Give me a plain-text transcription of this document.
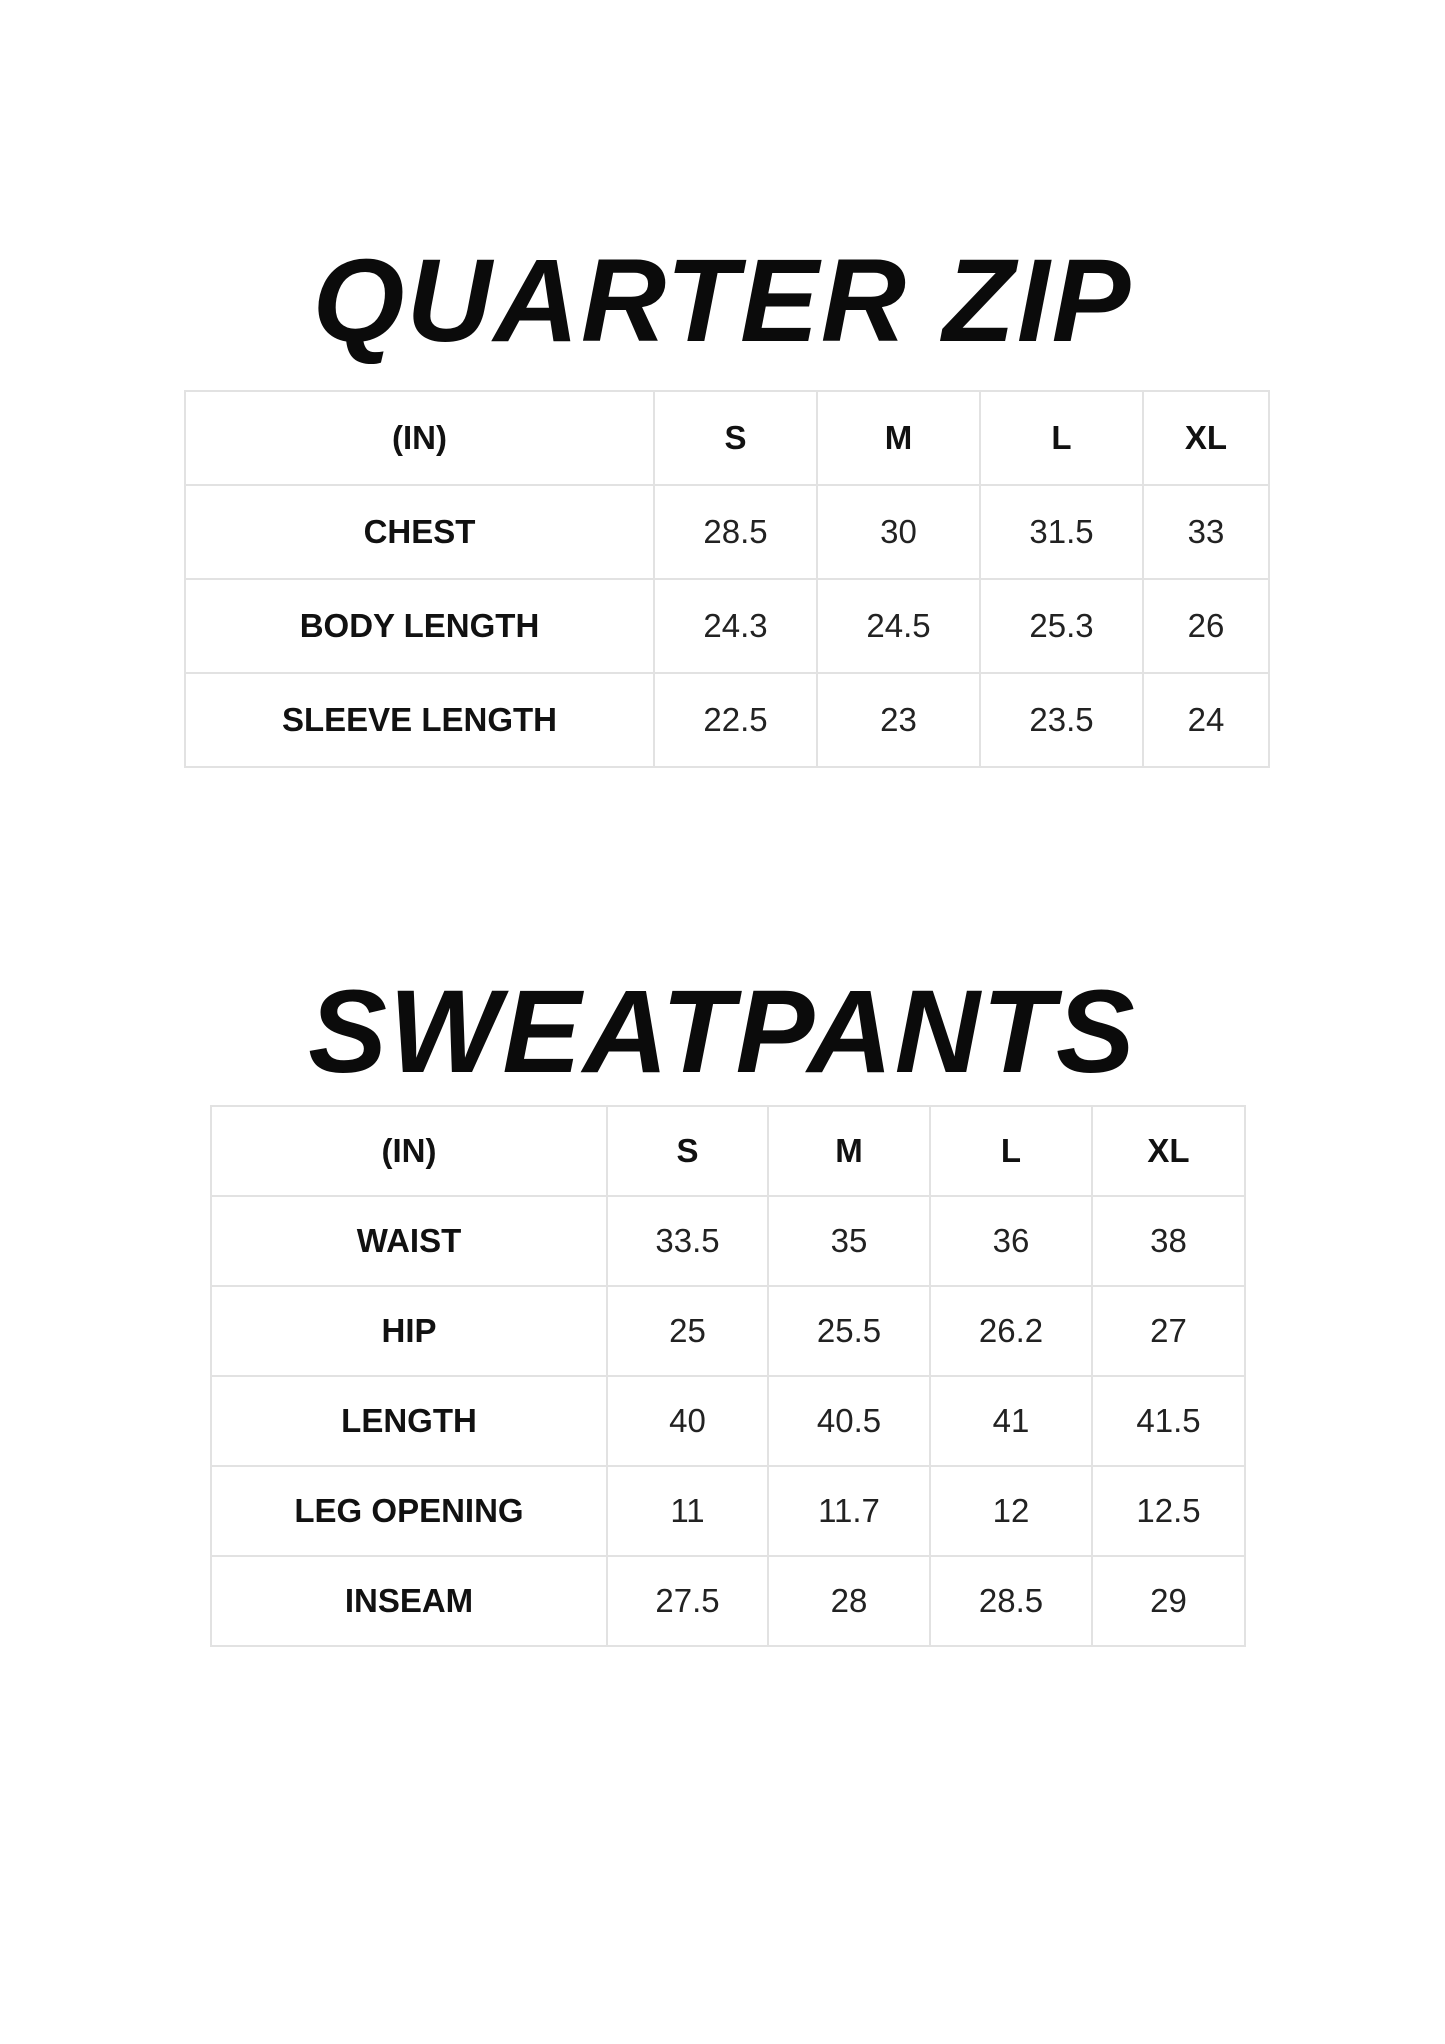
QUARTER ZIP
(IN)	S	M	L	XL
CHEST	28.5	30	31.5	33
BODY LENGTH	24.3	24.5	25.3	26
SLEEVE LENGTH	22.5	23	23.5	24
SWEATPANTS
(IN)	S	M	L	XL
WAIST	33.5	35	36	38
HIP	25	25.5	26.2	27
LENGTH	40	40.5	41	41.5
LEG OPENING	11	11.7	12	12.5
INSEAM	27.5	28	28.5	29
